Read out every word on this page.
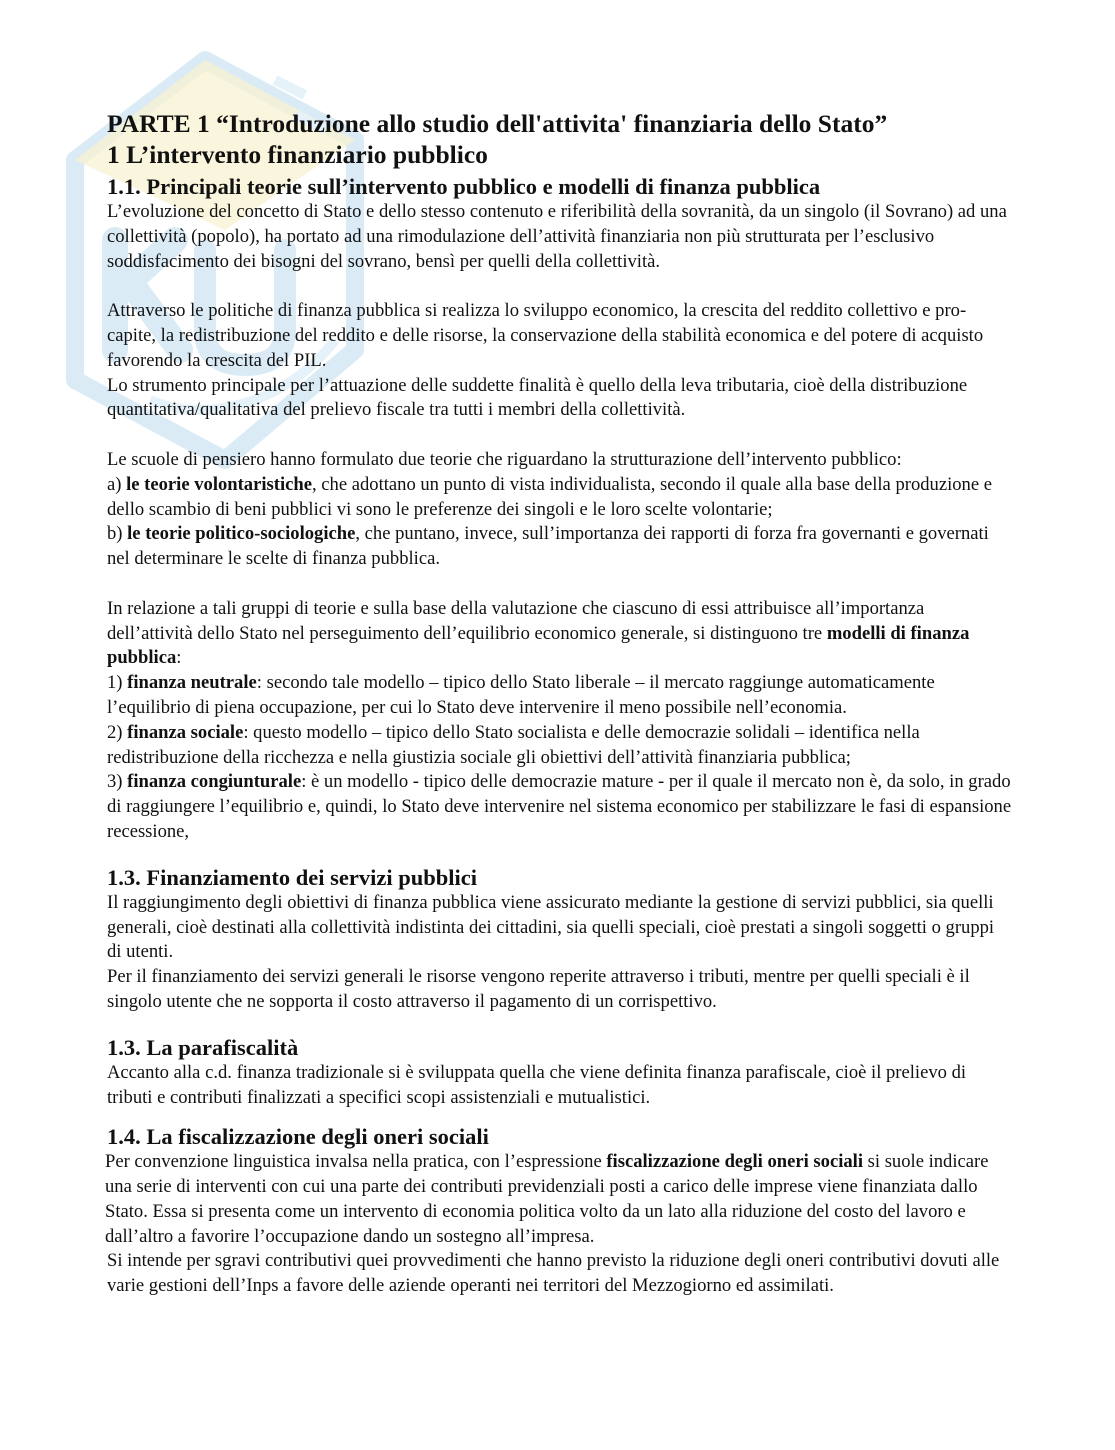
PARTE 1 “Introduzione allo studio dell'attivita' finanziaria dello Stato”
1 L’intervento finanziario pubblico
1.1. Principali teorie sull’intervento pubblico e modelli di finanza pubblica

L’evoluzione del concetto di Stato e dello stesso contenuto e riferibilità della sovranità, da un singolo (il Sovrano) ad una collettività (popolo), ha portato ad una rimodulazione dell’attività finanziaria non più strutturata per l’esclusivo soddisfacimento dei bisogni del sovrano, bensì per quelli della collettività.

Attraverso le politiche di finanza pubblica si realizza lo sviluppo economico, la crescita del reddito collettivo e pro-capite, la redistribuzione del reddito e delle risorse, la conservazione della stabilità economica e del potere di acquisto favorendo la crescita del PIL.

Lo strumento principale per l’attuazione delle suddette finalità è quello della leva tributaria, cioè della distribuzione quantitativa/qualitativa del prelievo fiscale tra tutti i membri della collettività.

Le scuole di pensiero hanno formulato due teorie che riguardano la strutturazione dell’intervento pubblico:

a) le teorie volontaristiche, che adottano un punto di vista individualista, secondo il quale alla base della produzione e dello scambio di beni pubblici vi sono le preferenze dei singoli e le loro scelte volontarie;

b) le teorie politico-sociologiche, che puntano, invece, sull’importanza dei rapporti di forza fra governanti e governati nel determinare le scelte di finanza pubblica.

In relazione a tali gruppi di teorie e sulla base della valutazione che ciascuno di essi attribuisce all’importanza dell’attività dello Stato nel perseguimento dell’equilibrio economico generale, si distinguono tre modelli di finanza pubblica:

1) finanza neutrale: secondo tale modello – tipico dello Stato liberale – il mercato raggiunge automaticamente l’equilibrio di piena occupazione, per cui lo Stato deve intervenire il meno possibile nell’economia.

2) finanza sociale: questo modello – tipico dello Stato socialista e delle democrazie solidali – identifica nella redistribuzione della ricchezza e nella giustizia sociale gli obiettivi dell’attività finanziaria pubblica;

3) finanza congiunturale: è un modello - tipico delle democrazie mature - per il quale il mercato non è, da solo, in grado di raggiungere l’equilibrio e, quindi, lo Stato deve intervenire nel sistema economico per stabilizzare le fasi di espansione recessione,

1.3. Finanziamento dei servizi pubblici

Il raggiungimento degli obiettivi di finanza pubblica viene assicurato mediante la gestione di servizi pubblici, sia quelli generali, cioè destinati alla collettività indistinta dei cittadini, sia quelli speciali, cioè prestati a singoli soggetti o gruppi di utenti.

Per il finanziamento dei servizi generali le risorse vengono reperite attraverso i tributi, mentre per quelli speciali è il singolo utente che ne sopporta il costo attraverso il pagamento di un corrispettivo.

1.3. La parafiscalità

Accanto alla c.d. finanza tradizionale si è sviluppata quella che viene definita finanza parafiscale, cioè il prelievo di tributi e contributi finalizzati a specifici scopi assistenziali e mutualistici.

1.4. La fiscalizzazione degli oneri sociali

Per convenzione linguistica invalsa nella pratica, con l’espressione fiscalizzazione degli oneri sociali si suole indicare una serie di interventi con cui una parte dei contributi previdenziali posti a carico delle imprese viene finanziata dallo Stato. Essa si presenta come un intervento di economia politica volto da un lato alla riduzione del costo del lavoro e dall’altro a favorire l’occupazione dando un sostegno all’impresa.

Si intende per sgravi contributivi quei provvedimenti che hanno previsto la riduzione degli oneri contributivi dovuti alle varie gestioni dell’Inps a favore delle aziende operanti nei territori del Mezzogiorno ed assimilati.
